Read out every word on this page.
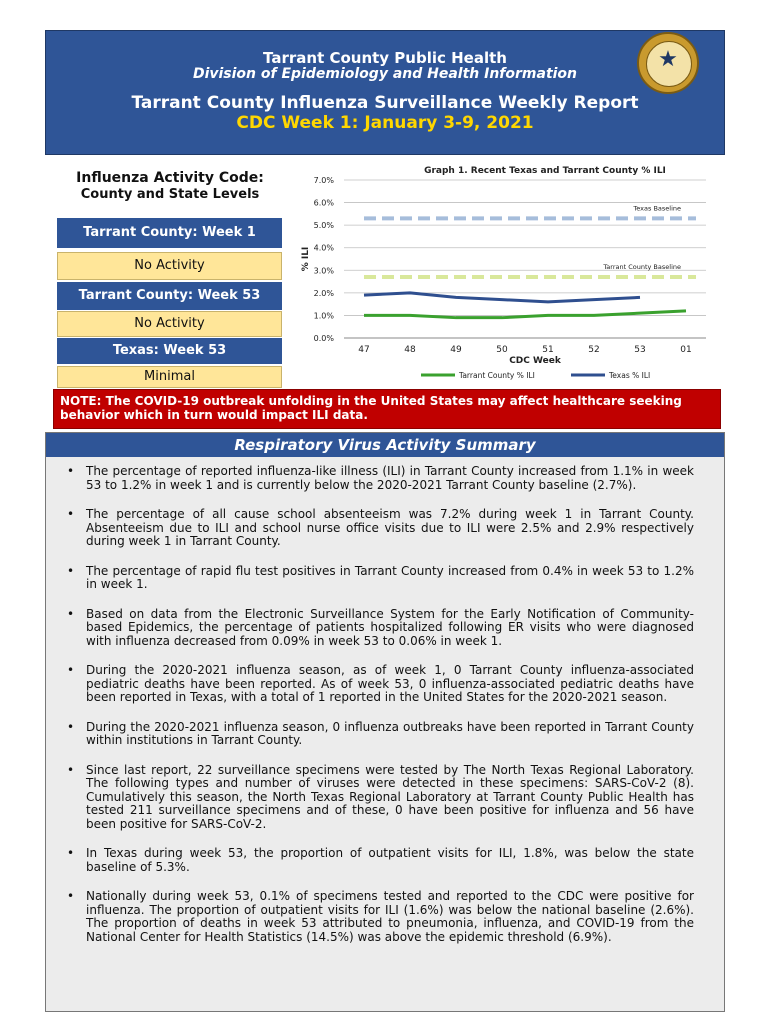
Tarrant County Public Health
Division of Epidemiology and Health Information
Tarrant County Influenza Surveillance Weekly Report
CDC Week 1: January 3-9, 2021
★
Influenza Activity Code:
County and State Levels
Tarrant County: Week 1
No Activity
Tarrant County: Week 53
No Activity
Texas: Week 53
Minimal
Graph 1. Recent Texas and Tarrant County % ILI
0.0%
1.0%
2.0%
3.0%
4.0%
5.0%
6.0%
7.0%
% ILI
47	48	49	50	51	52	53	01
CDC Week
Texas Baseline
Tarrant County Baseline
Tarrant County % ILI	Texas % ILI
NOTE: The COVID-19 outbreak unfolding in the United States may affect healthcare seeking behavior which in turn would impact ILI data.
Respiratory Virus Activity Summary
• The percentage of reported influenza-like illness (ILI) in Tarrant County increased from 1.1% in week 53 to 1.2% in week 1 and is currently below the 2020-2021 Tarrant County baseline (2.7%).
• The percentage of all cause school absenteeism was 7.2% during week 1 in Tarrant County. Absenteeism due to ILI and school nurse office visits due to ILI were 2.5% and 2.9% respectively during week 1 in Tarrant County.
• The percentage of rapid flu test positives in Tarrant County increased from 0.4% in week 53 to 1.2% in week 1.
• Based on data from the Electronic Surveillance System for the Early Notification of Community-based Epidemics, the percentage of patients hospitalized following ER visits who were diagnosed with influenza decreased from 0.09% in week 53 to 0.06% in week 1.
• During the 2020-2021 influenza season, as of week 1, 0 Tarrant County influenza-associated pediatric deaths have been reported. As of week 53, 0 influenza-associated pediatric deaths have been reported in Texas, with a total of 1 reported in the United States for the 2020-2021 season.
• During the 2020-2021 influenza season, 0 influenza outbreaks have been reported in Tarrant County within institutions in Tarrant County.
• Since last report, 22 surveillance specimens were tested by The North Texas Regional Laboratory. The following types and number of viruses were detected in these specimens: SARS-CoV-2 (8). Cumulatively this season, the North Texas Regional Laboratory at Tarrant County Public Health has tested 211 surveillance specimens and of these, 0 have been positive for influenza and 56 have been positive for SARS-CoV-2.
• In Texas during week 53, the proportion of outpatient visits for ILI, 1.8%, was below the state baseline of 5.3%.
• Nationally during week 53, 0.1% of specimens tested and reported to the CDC were positive for influenza. The proportion of outpatient visits for ILI (1.6%) was below the national baseline (2.6%). The proportion of deaths in week 53 attributed to pneumonia, influenza, and COVID-19 from the National Center for Health Statistics (14.5%) was above the epidemic threshold (6.9%).
